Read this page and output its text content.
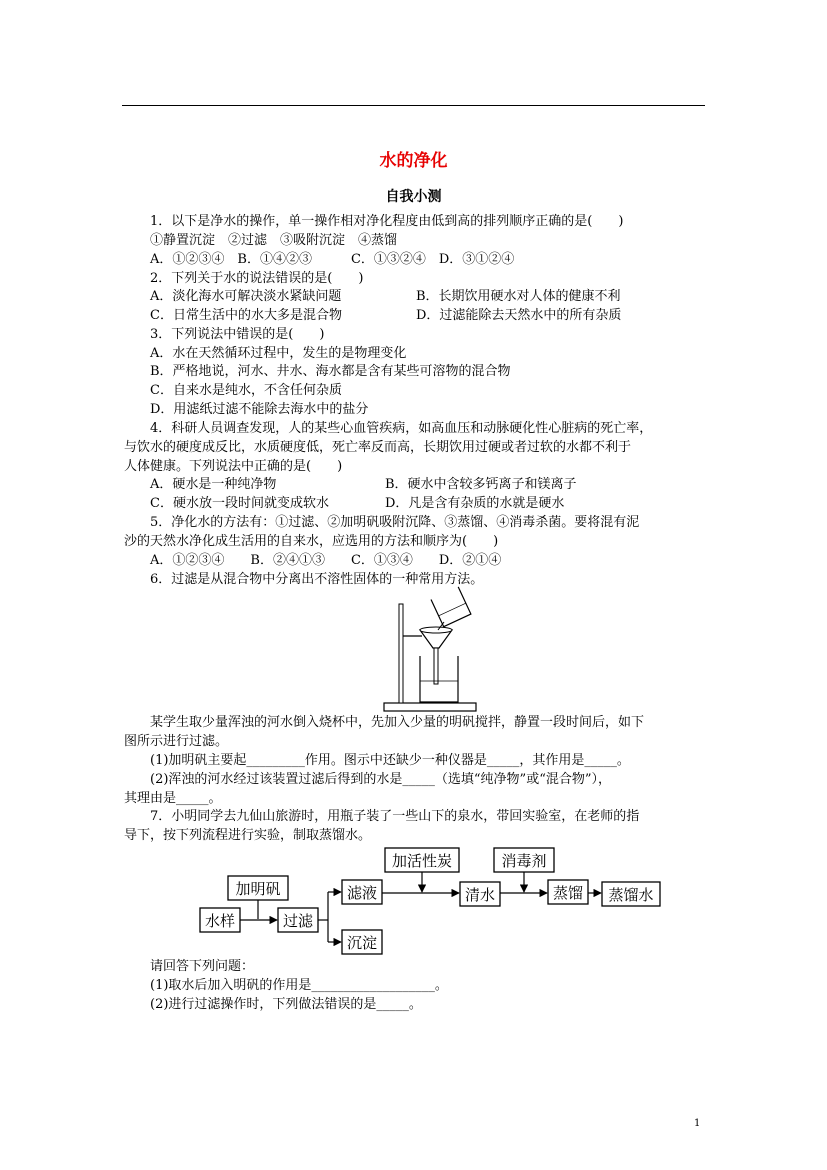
水的净化
自我小测
1．以下是净水的操作，单一操作相对净化程度由低到高的排列顺序正确的是(　　)
①静置沉淀　②过滤　③吸附沉淀　④蒸馏
A．①②③④　B．①④②③　　　C．①③②④　D．③①②④
2．下列关于水的说法错误的是(　　)
A．淡化海水可解决淡水紧缺问题	B．长期饮用硬水对人体的健康不利
C．日常生活中的水大多是混合物	D．过滤能除去天然水中的所有杂质
3．下列说法中错误的是(　　)
A．水在天然循环过程中，发生的是物理变化
B．严格地说，河水、井水、海水都是含有某些可溶物的混合物
C．自来水是纯水，不含任何杂质
D．用滤纸过滤不能除去海水中的盐分
4．科研人员调查发现，人的某些心血管疾病，如高血压和动脉硬化性心脏病的死亡率，
与饮水的硬度成反比，水质硬度低，死亡率反而高，长期饮用过硬或者过软的水都不利于
人体健康。下列说法中正确的是(　　)
A．硬水是一种纯净物	B．硬水中含较多钙离子和镁离子
C．硬水放一段时间就变成软水	D．凡是含有杂质的水就是硬水
5．净化水的方法有：①过滤、②加明矾吸附沉降、③蒸馏、④消毒杀菌。要将混有泥
沙的天然水净化成生活用的自来水，应选用的方法和顺序为(　　)
A．①②③④　　B．②④①③　　C．①③④　　D．②①④
6．过滤是从混合物中分离出不溶性固体的一种常用方法。
某学生取少量浑浊的河水倒入烧杯中，先加入少量的明矾搅拌，静置一段时间后，如下
图所示进行过滤。
(1)加明矾主要起_________作用。图示中还缺少一种仪器是_____，其作用是_____。
(2)浑浊的河水经过该装置过滤后得到的水是_____（选填“纯净物”或“混合物”），
其理由是_____。
7．小明同学去九仙山旅游时，用瓶子装了一些山下的泉水，带回实验室，在老师的指
导下，按下列流程进行实验，制取蒸馏水。
加明矾
水样	过滤
滤液
沉淀
加活性炭
清水
消毒剂
蒸馏 蒸馏水
请回答下列问题：
(1)取水后加入明矾的作用是___________________。
(2)进行过滤操作时，下列做法错误的是_____。
1
